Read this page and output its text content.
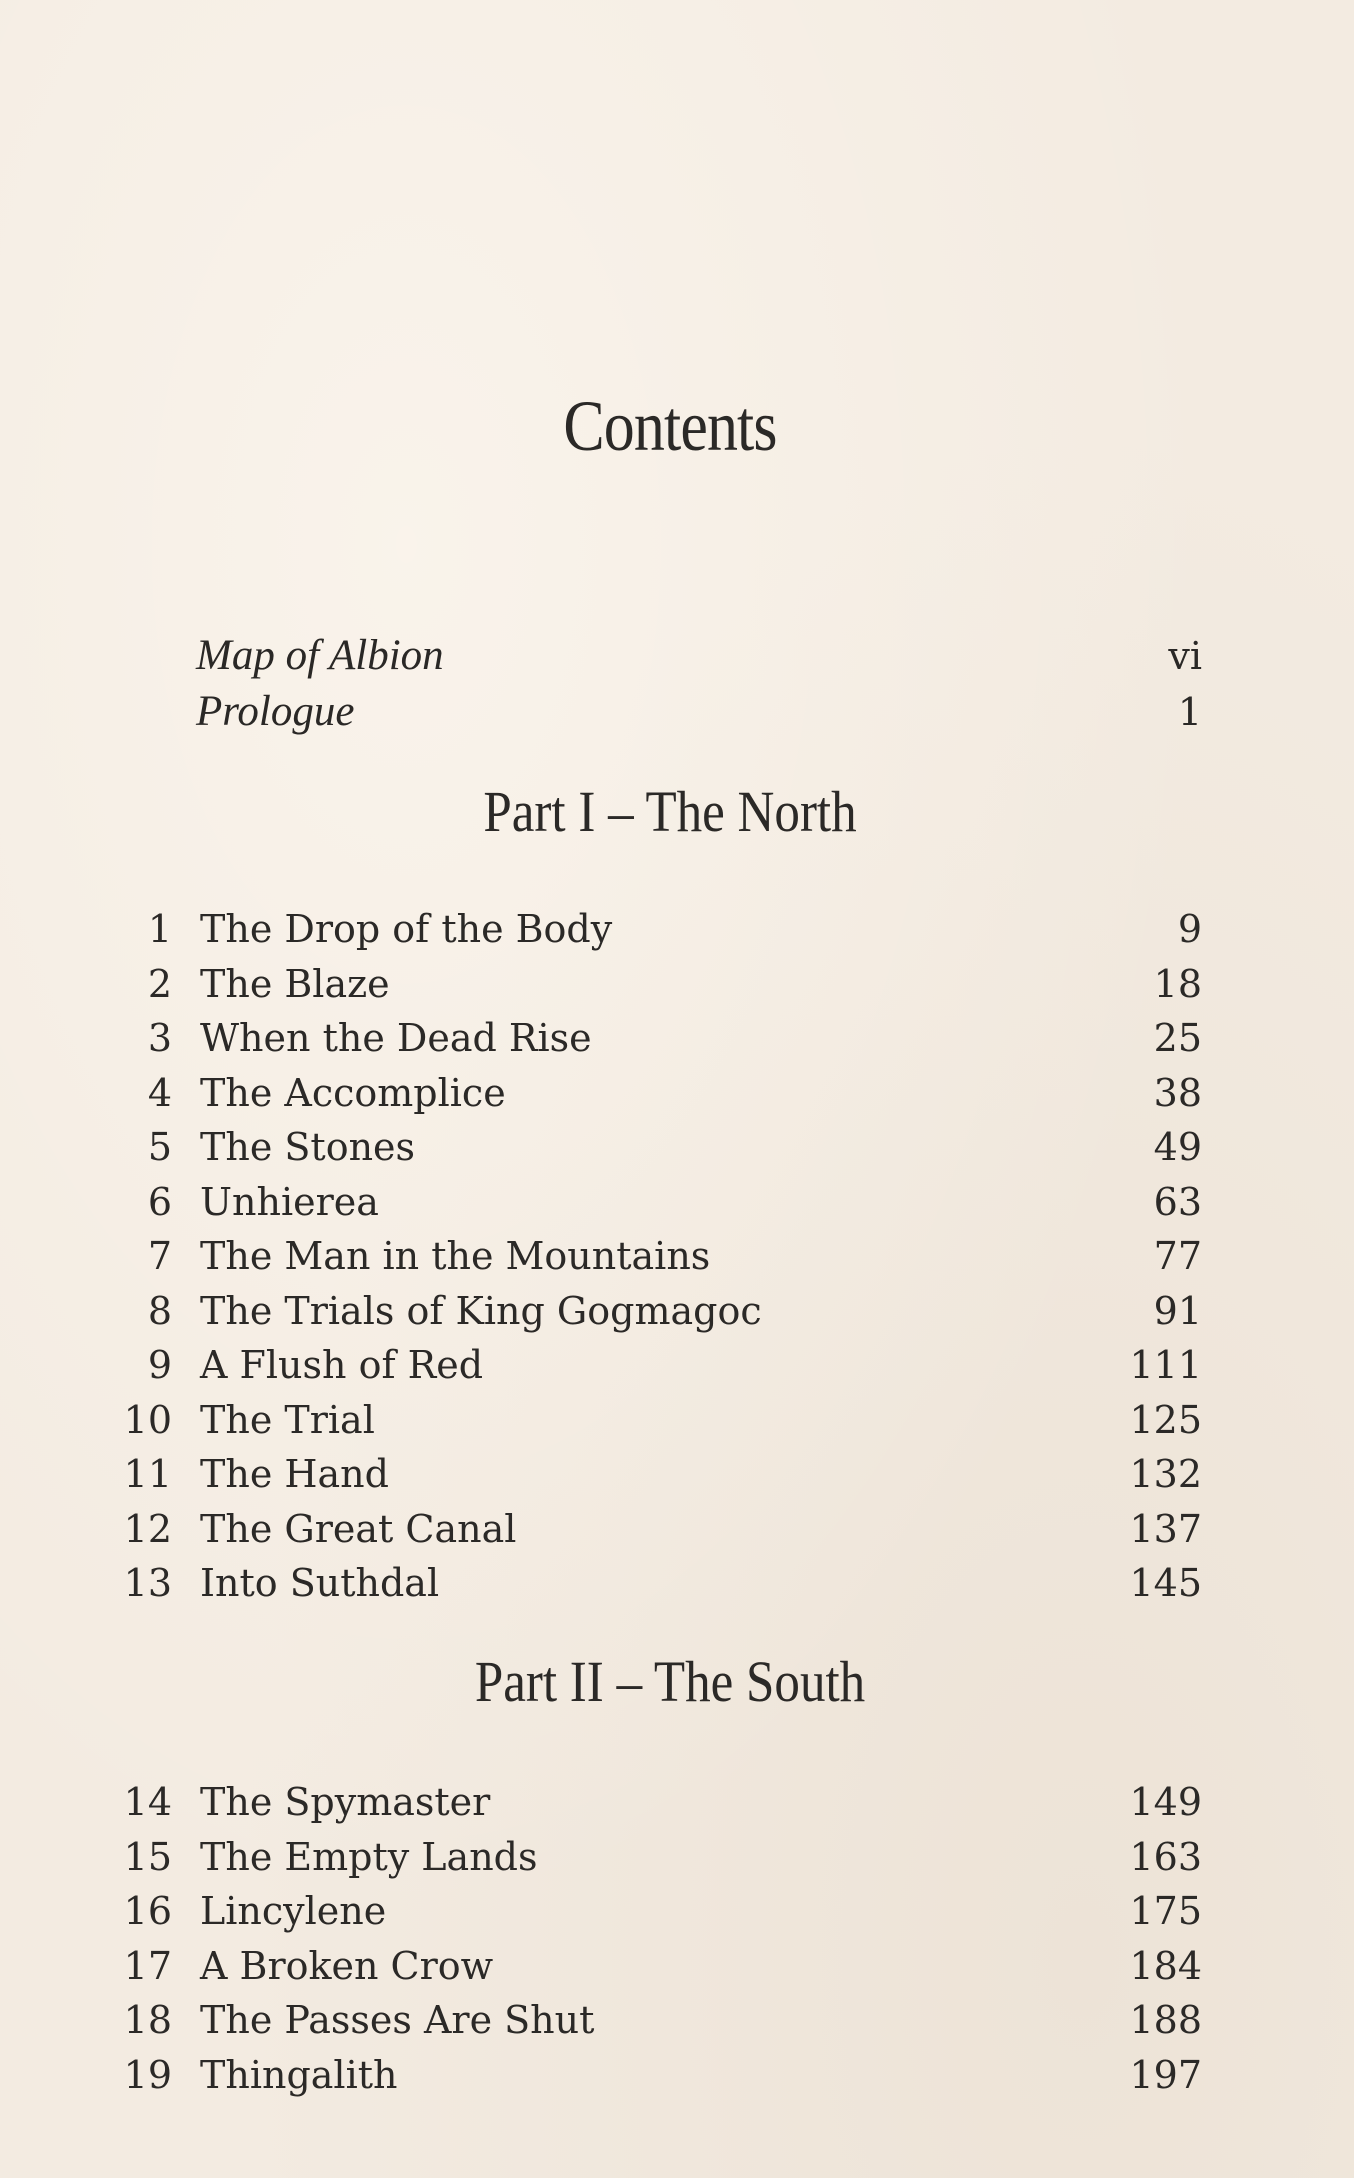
Contents
Map of Albion	vi
Prologue	1
Part I – The North
1 The Drop of the Body	9
2 The Blaze	18
3 When the Dead Rise	25
4 The Accomplice	38
5 The Stones	49
6 Unhierea	63
7 The Man in the Mountains	77
8 The Trials of King Gogmagoc	91
9 A Flush of Red	111
10 The Trial	125
11 The Hand	132
12 The Great Canal	137
13 Into Suthdal	145
Part II – The South
14 The Spymaster	149
15 The Empty Lands	163
16 Lincylene	175
17 A Broken Crow	184
18 The Passes Are Shut	188
19 Thingalith	197
